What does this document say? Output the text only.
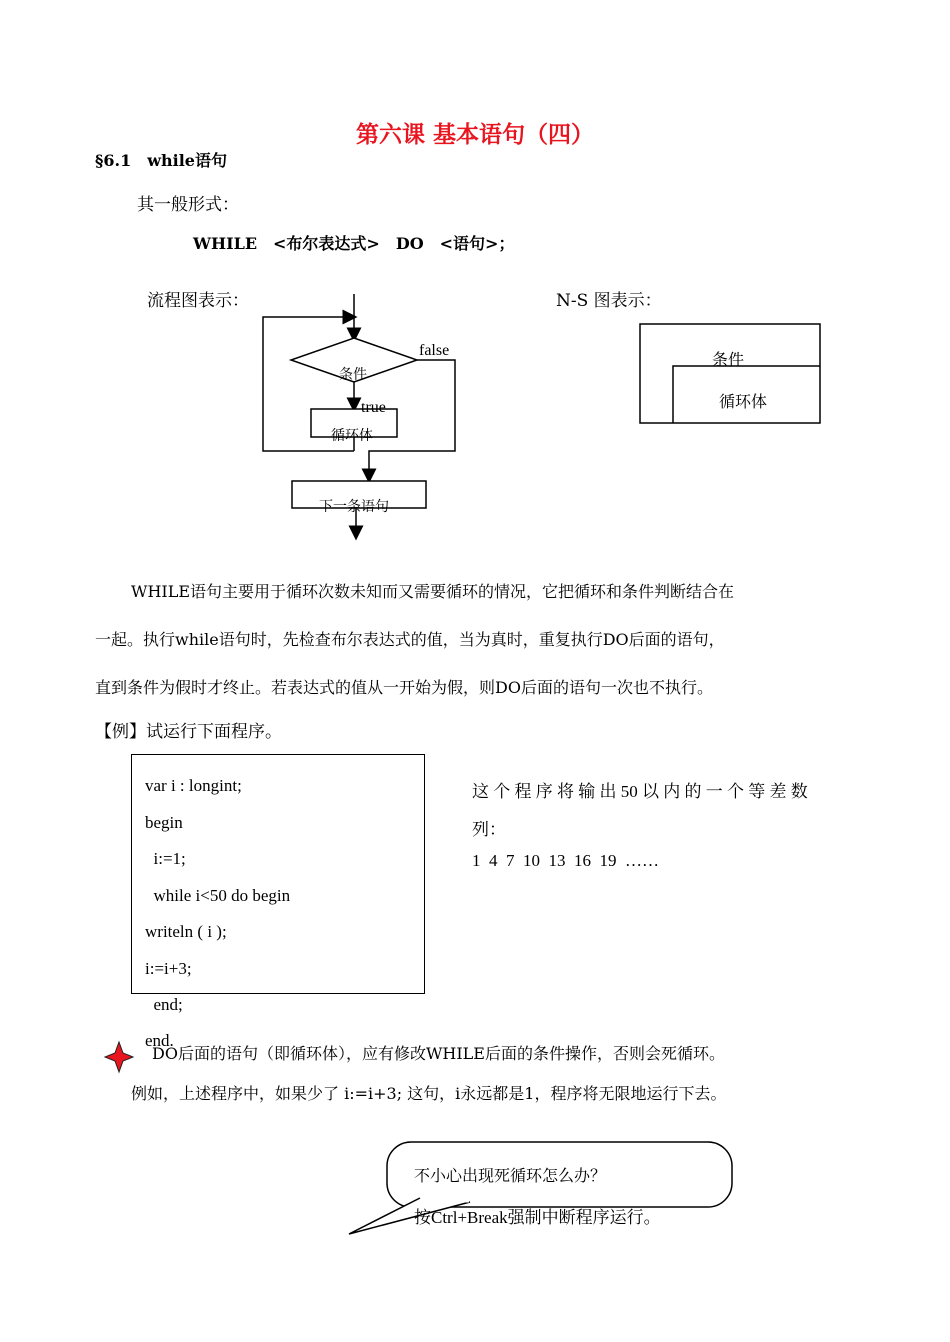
第六课 基本语句（四）
§6.1　while语句
其一般形式：
WHILE　<布尔表达式>　DO　<语句>；
流程图表示：	N-S 图表示：
条件
false
true
循环体
下一条语句
条件
循环体
WHILE语句主要用于循环次数未知而又需要循环的情况，它把循环和条件判断结合在
一起。执行while语句时，先检查布尔表达式的值，当为真时，重复执行DO后面的语句，
直到条件为假时才终止。若表达式的值从一开始为假，则DO后面的语句一次也不执行。
【例】试运行下面程序。
var i : longint;
begin
i:=1;
while i<50 do begin
writeln ( i );
i:=i+3;
end;
end.
这 个 程 序 将 输 出 50 以 内 的 一 个 等 差 数
列：
1  4  7  10  13  16  19  ……
DO后面的语句（即循环体），应有修改WHILE后面的条件操作，否则会死循环。
例如，上述程序中，如果少了 i:=i+3; 这句，i永远都是1，程序将无限地运行下去。
不小心出现死循环怎么办？
按Ctrl+Break强制中断程序运行。
